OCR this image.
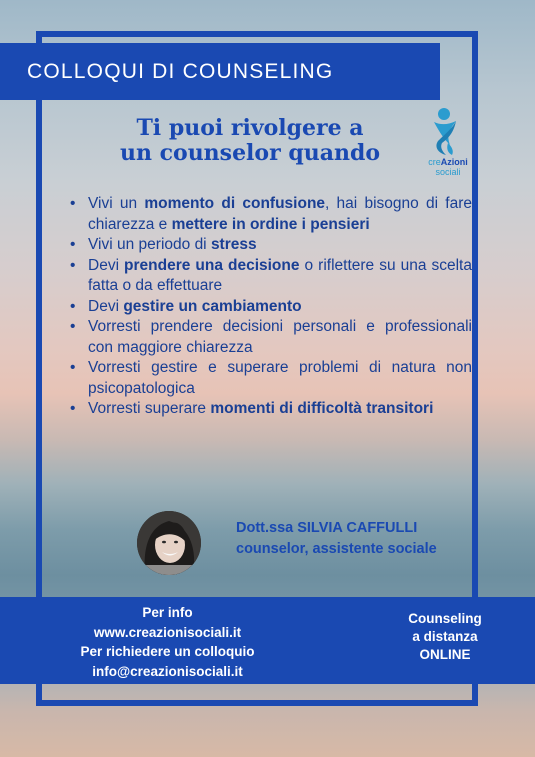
COLLOQUI DI COUNSELING
Ti puoi rivolgere a
un counselor quando	creAzioni
sociali
• Vivi un momento di confusione, hai bisogno di fare chiarezza e mettere in ordine i pensieri
• Vivi un periodo di stress
• Devi prendere una decisione o riflettere su una scelta fatta o da effettuare
• Devi gestire un cambiamento
• Vorresti prendere decisioni personali e professionali con maggiore chiarezza
• Vorresti gestire e superare problemi di natura non psicopatologica
• Vorresti superare momenti di difficoltà transitori
Dott.ssa SILVIA CAFFULLI
counselor, assistente sociale
Per info
www.creazionisociali.it
Per richiedere un colloquio
info@creazionisociali.it
Counseling
a distanza
ONLINE
